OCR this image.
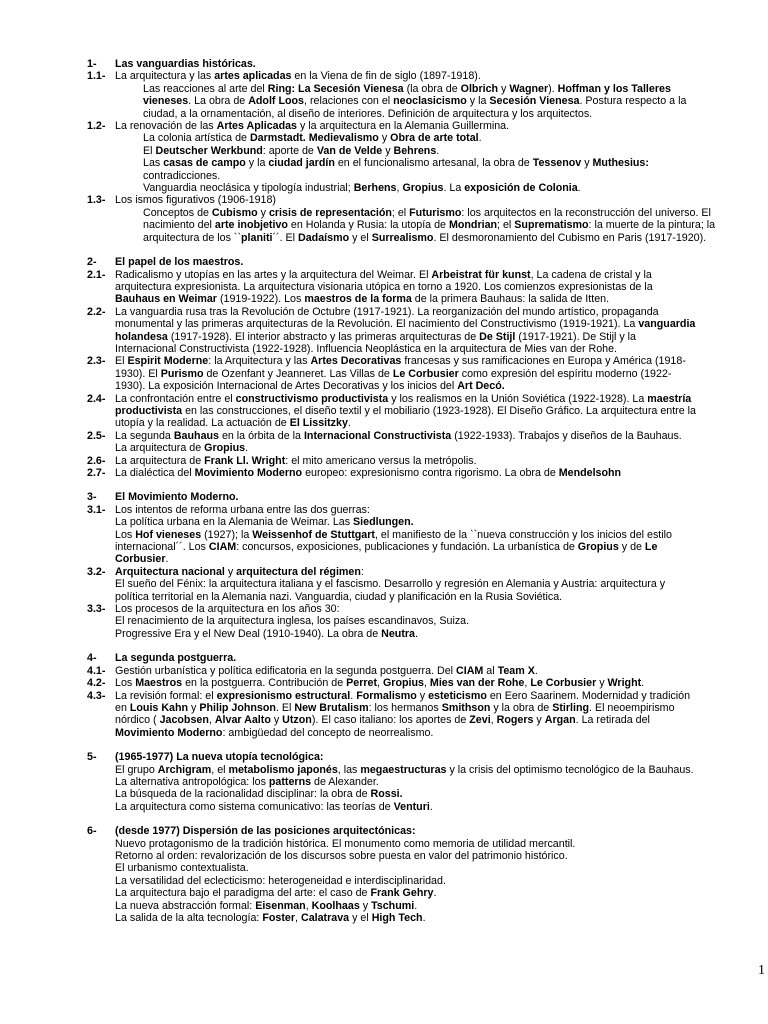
1-	Las vanguardias históricas.
1.1- La arquitectura y las artes aplicadas en la Viena de fin de siglo (1897-1918).
Las reacciones al arte del Ring: La Secesión Vienesa (la obra de Olbrich y Wagner). Hoffman y los Talleres
vieneses. La obra de Adolf Loos, relaciones con el neoclasicismo y la Secesión Vienesa. Postura respecto a la
ciudad, a la ornamentación, al diseño de interiores. Definición de arquitectura y los arquitectos.
1.2- La renovación de las Artes Aplicadas y la arquitectura en la Alemania Guillermina.
La colonia artística de Darmstadt. Medievalismo y Obra de arte total.
El Deutscher Werkbund: aporte de Van de Velde y Behrens.
Las casas de campo y la ciudad jardín en el funcionalismo artesanal, la obra de Tessenov y Muthesius:
contradicciones.
Vanguardia neoclásica y tipología industrial; Berhens, Gropius. La exposición de Colonia.
1.3- Los ismos figurativos (1906-1918)
Conceptos de Cubismo y crisis de representación; el Futurismo: los arquitectos en la reconstrucción del universo. El
nacimiento del arte inobjetivo en Holanda y Rusia: la utopía de Mondrian; el Suprematismo: la muerte de la pintura; la
arquitectura de los ``planiti´´. El Dadaísmo y el Surrealismo. El desmoronamiento del Cubismo en Paris (1917-1920).
2-	El papel de los maestros.
2.1- Radicalismo y utopías en las artes y la arquitectura del Weimar. El Arbeistrat für kunst, La cadena de cristal y la
arquitectura expresionista. La arquitectura visionaria utópica en torno a 1920. Los comienzos expresionistas de la
Bauhaus en Weimar (1919-1922). Los maestros de la forma de la primera Bauhaus: la salida de Itten.
2.2- La vanguardia rusa tras la Revolución de Octubre (1917-1921). La reorganización del mundo artístico, propaganda
monumental y las primeras arquitecturas de la Revolución. El nacimiento del Constructivismo (1919-1921). La vanguardia
holandesa (1917-1928). El interior abstracto y las primeras arquitecturas de De Stijl (1917-1921). De Stijl y la
Internacional Constructivista (1922-1928). Influencia Neoplástica en la arquitectura de Mies van der Rohe.
2.3- El Espirit Moderne: la Arquitectura y las Artes Decorativas francesas y sus ramificaciones en Europa y América (1918-
1930). El Purismo de Ozenfant y Jeanneret. Las Villas de Le Corbusier como expresión del espíritu moderno (1922-
1930). La exposición Internacional de Artes Decorativas y los inicios del Art Decó.
2.4- La confrontación entre el constructivismo productivista y los realismos en la Unión Soviética (1922-1928). La maestría
productivista en las construcciones, el diseño textil y el mobiliario (1923-1928). El Diseño Gráfico. La arquitectura entre la
utopía y la realidad. La actuación de El Lissitzky.
2.5- La segunda Bauhaus en la órbita de la Internacional Constructivista (1922-1933). Trabajos y diseños de la Bauhaus.
La arquitectura de Gropius.
2.6- La arquitectura de Frank Ll. Wright: el mito americano versus la metrópolis.
2.7- La dialéctica del Movimiento Moderno europeo: expresionismo contra rigorismo. La obra de Mendelsohn
3-	El Movimiento Moderno.
3.1- Los intentos de reforma urbana entre las dos guerras:
La política urbana en la Alemania de Weimar. Las Siedlungen.
Los Hof vieneses (1927); la Weissenhof de Stuttgart, el manifiesto de la ``nueva construcción y los inicios del estilo
internacional´´. Los CIAM: concursos, exposiciones, publicaciones y fundación. La urbanística de Gropius y de Le
Corbusier.
3.2- Arquitectura nacional y arquitectura del régimen:
El sueño del Fénix: la arquitectura italiana y el fascismo. Desarrollo y regresión en Alemania y Austria: arquitectura y
política territorial en la Alemania nazi. Vanguardia, ciudad y planificación en la Rusia Soviética.
3.3- Los procesos de la arquitectura en los años 30:
El renacimiento de la arquitectura inglesa, los países escandinavos, Suiza.
Progressive Era y el New Deal (1910-1940). La obra de Neutra.
4-	La segunda postguerra.
4.1- Gestión urbanística y política edificatoria en la segunda postguerra. Del CIAM al Team X.
4.2- Los Maestros en la postguerra. Contribución de Perret, Gropius, Mies van der Rohe, Le Corbusier y Wright.
4.3- La revisión formal: el expresionismo estructural. Formalismo y esteticismo en Eero Saarinem. Modernidad y tradición
en Louis Kahn y Philip Johnson. El New Brutalism: los hermanos Smithson y la obra de Stirling. El neoempirismo
nórdico ( Jacobsen, Alvar Aalto y Utzon). El caso italiano: los aportes de Zevi, Rogers y Argan. La retirada del
Movimiento Moderno: ambigüedad del concepto de neorrealismo.
5-	(1965-1977) La nueva utopía tecnológica:
El grupo Archigram, el metabolismo japonés, las megaestructuras y la crisis del optimismo tecnológico de la Bauhaus.
La alternativa antropológica: los patterns de Alexander.
La búsqueda de la racionalidad disciplinar: la obra de Rossi.
La arquitectura como sistema comunicativo: las teorías de Venturi.
6-	(desde 1977) Dispersión de las posiciones arquitectónicas:
Nuevo protagonismo de la tradición histórica. El monumento como memoria de utilidad mercantil.
Retorno al orden: revalorización de los discursos sobre puesta en valor del patrimonio histórico.
El urbanismo contextualista.
La versatilidad del eclecticismo: heterogeneidad e interdisciplinaridad.
La arquitectura bajo el paradigma del arte: el caso de Frank Gehry.
La nueva abstracción formal: Eisenman, Koolhaas y Tschumi.
La salida de la alta tecnología: Foster, Calatrava y el High Tech.
1
